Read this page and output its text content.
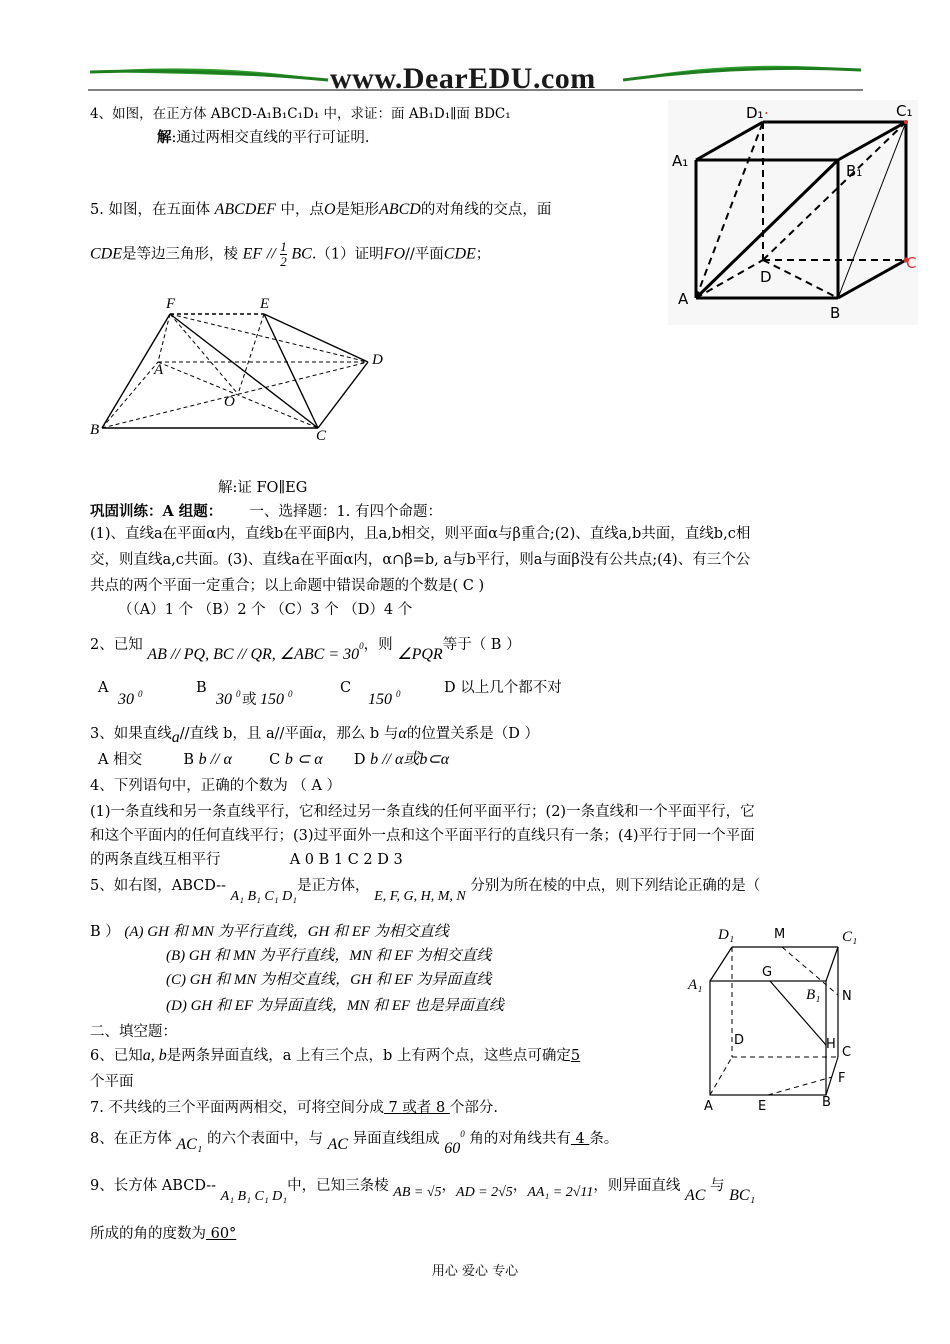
www.DearEDU.com
4、如图，在正方体 ABCD-A₁B₁C₁D₁ 中，求证：面 AB₁D₁∥面 BDC₁
解:通过两相交直线的平行可证明.
D₁ ·	C₁
A₁
B₁
D
C
A
B
5. 如图，在五面体 ABCDEF 中，点O是矩形ABCD的对角线的交点，面
CDE是等边三角形，棱 EF // $\frac{1}{2} BC.(1)$证明FO//平面CDE；
F	E
A
D
O
B	C
解:证 FO∥EG
巩固训练：A 组题： 一、选择题：1. 有四个命题：
(1)、直线a在平面α内，直线b在平面β内，且a,b相交，则平面α与β重合;(2)、直线a,b共面，直线b,c相
交，则直线a,c共面。(3)、直线a在平面α内，α∩β=b, a与b平行，则a与面β没有公共点;(4)、有三个公
共点的两个平面一定重合；以上命题中错误命题的个数是( C )
（（A）1 个 （B）2 个 （C）3 个 （D）4 个
2、已知 AB // PQ, BC // QR, ∠ABC = $30^0$，则 ∠PQR等于（ B ）
A
30 0	B
30 0 或 150 0	C
150 0	D 以上几个都不对
3、如果直线a//直线 b，且 a//平面α，那么 b 与α的位置关系是（D ）
A 相交	B b // α	C b ⊂ α D b // α或b⊂α
4、下列语句中，正确的个数为 （ A ）
(1)一条直线和另一条直线平行，它和经过另一条直线的任何平面平行；(2)一条直线和一个平面平行，它
和这个平面内的任何直线平行；(3)过平面外一点和这个平面平行的直线只有一条；(4)平行于同一个平面
的两条直线互相平行	A 0 B 1 C 2 D 3
5、如右图，ABCD-- A₁ B₁ C₁ D₁是正方体， E, F, G, H, M, N 分别为所在棱的中点，则下列结论正确的是（
B ） (A) GH 和 MN 为平行直线，GH 和 EF 为相交直线
(B) GH 和 MN 为平行直线，MN 和 EF 为相交直线
(C) GH 和 MN 为相交直线，GH 和 EF 为异面直线
(D) GH 和 EF 为异面直线，MN 和 EF 也是异面直线
D₁	M	C₁
G
A₁
B₁ N
D	H
C
F
A	E	B
二、填空题：
6、已知a, b是两条异面直线，a 上有三个点，b 上有两个点，这些点可确定5
个平面
7. 不共线的三个平面两两相交，可将空间分成 7 或者 8 个部分.
8、在正方体 AC₁ 的六个表面中，与 AC 异面直线组成 $60^0$ 角的对角线共有 4 条。
9、长方体 ABCD-- A₁ B₁ C₁ D₁中，已知三条棱 AB = √5，AD = 2√5，AA₁ = 2√11，则异面直线 AC 与 BC₁
所成的角的度数为 60°
用心 爱心 专心
